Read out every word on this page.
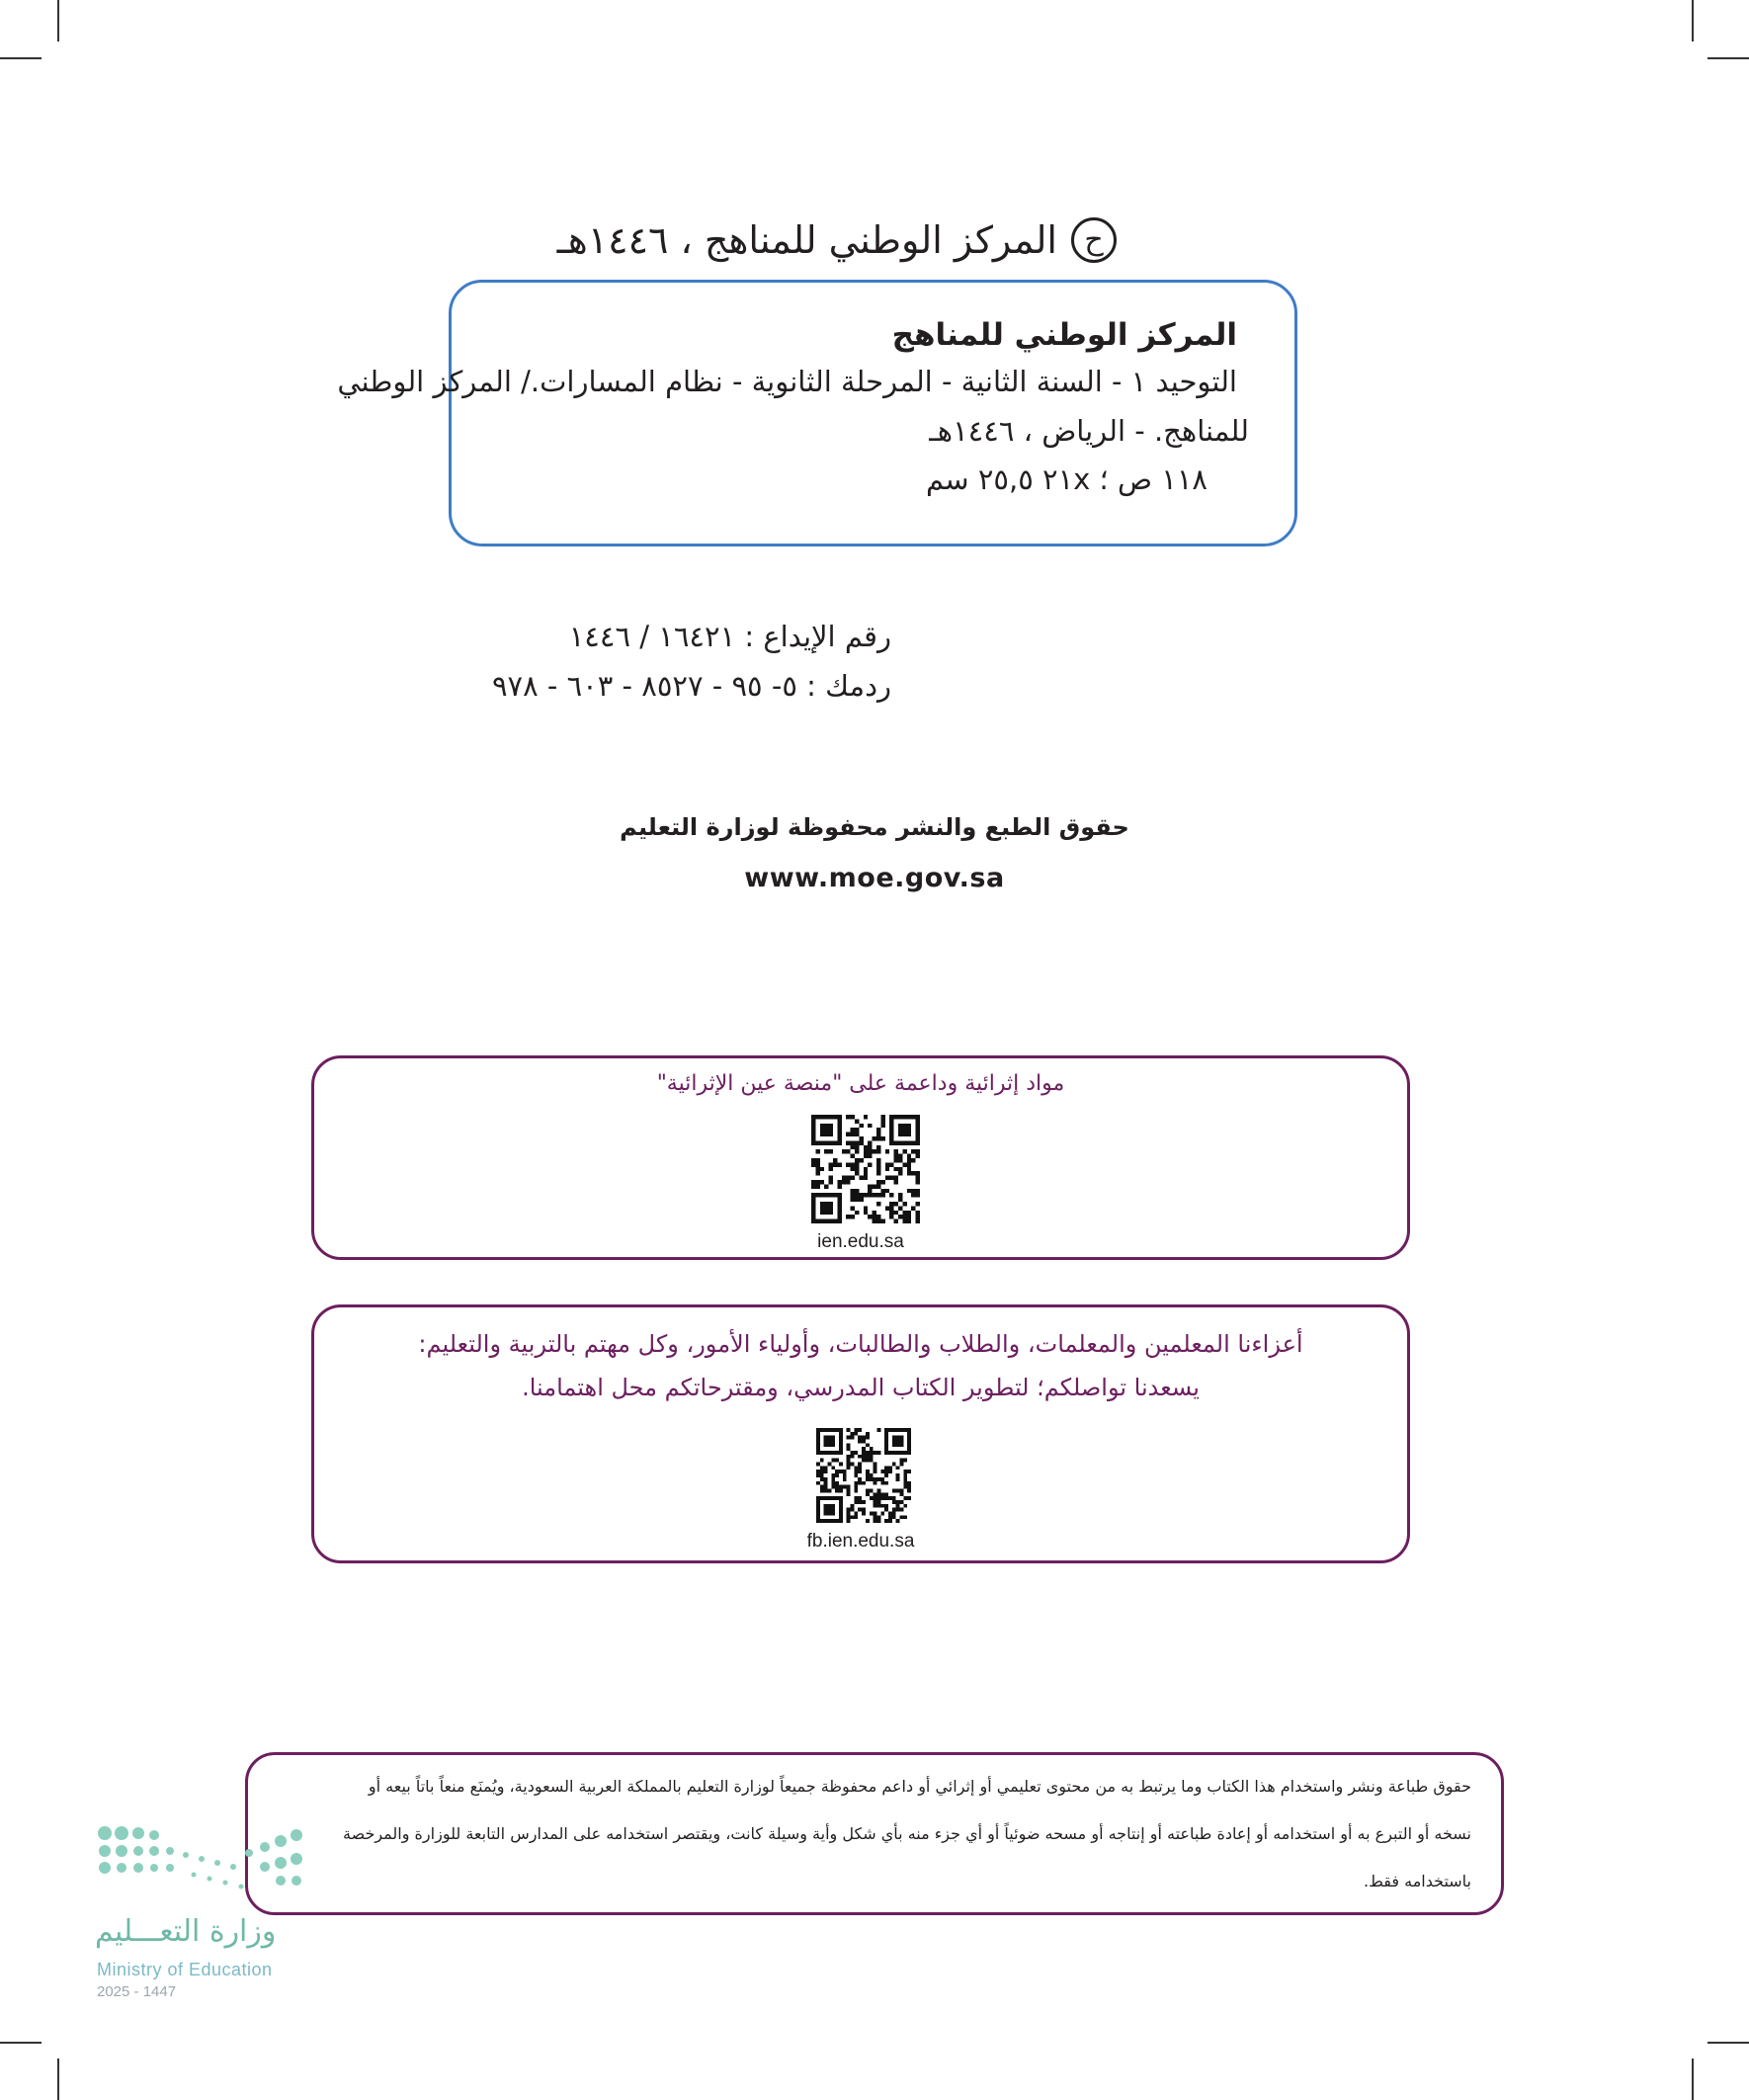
ح
المركز الوطني للمناهج ، ١٤٤٦هـ
المركز الوطني للمناهج
التوحيد ١ - السنة الثانية - المرحلة الثانوية - نظام المسارات./ المركز الوطني
للمناهج. - الرياض ، ١٤٤٦هـ
١١٨ ص ؛ ٢١x ٢٥,٥ سم
رقم الإيداع : ١٦٤٢١ / ١٤٤٦
ردمك : ٥- ٩٥ - ٨٥٢٧ - ٦٠٣ - ٩٧٨
حقوق الطبع والنشر محفوظة لوزارة التعليم
www.moe.gov.sa
مواد إثرائية وداعمة على "منصة عين الإثرائية"
ien.edu.sa
أعزاءنا المعلمين والمعلمات، والطلاب والطالبات، وأولياء الأمور، وكل مهتم بالتربية والتعليم:
يسعدنا تواصلكم؛ لتطوير الكتاب المدرسي، ومقترحاتكم محل اهتمامنا.
fb.ien.edu.sa
حقوق طباعة ونشر واستخدام هذا الكتاب وما يرتبط به من محتوى تعليمي أو إثرائي أو داعم محفوظة جميعاً لوزارة التعليم بالمملكة العربية السعودية، ويُمنَع منعاً باتاً بيعه أو
نسخه أو التبرع به أو استخدامه أو إعادة طباعته أو إنتاجه أو مسحه ضوئياً أو أي جزء منه بأي شكل وأية وسيلة كانت، ويقتصر استخدامه على المدارس التابعة للوزارة والمرخصة
باستخدامه فقط.
وزارة التعـــليم
Ministry of Education
2025 - 1447
